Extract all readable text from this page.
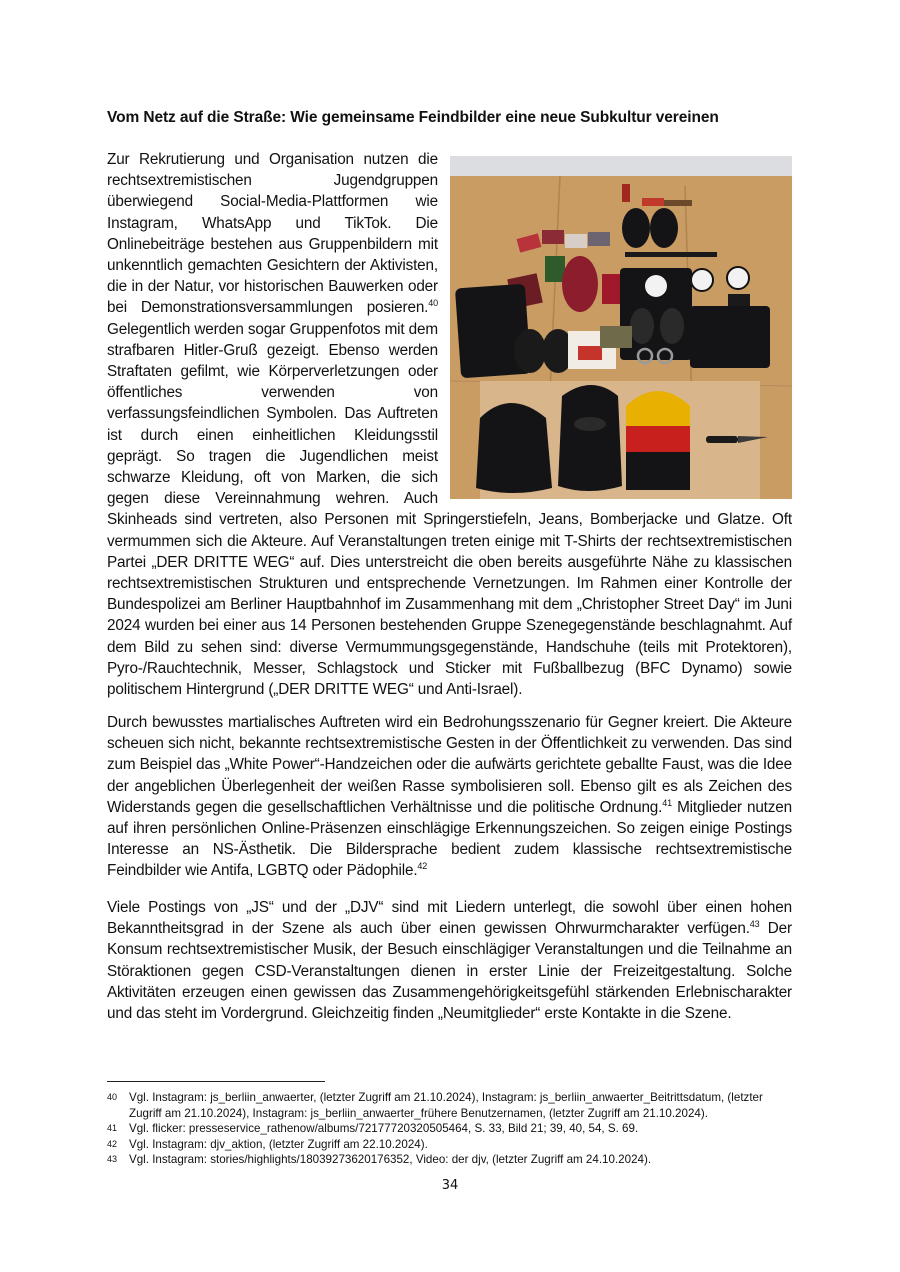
Vom Netz auf die Straße: Wie gemeinsame Feindbilder eine neue Subkultur vereinen
Zur Rekrutierung und Organisation nutzen die rechtsextremistischen Jugendgruppen überwiegend Social-Media-Plattformen wie Instagram, WhatsApp und TikTok. Die Onlinebeiträge bestehen aus Gruppenbildern mit unkenntlich gemachten Gesichtern der Aktivisten, die in der Natur, vor historischen Bauwerken oder bei Demonstrationsversammlungen posieren.$^{40}$ Gelegentlich werden sogar Gruppenfotos mit dem strafbaren Hitler-Gruß gezeigt. Ebenso werden Straftaten gefilmt, wie Körperverletzungen oder öffentliches verwenden von verfassungsfeindlichen Symbolen. Das Auftreten ist durch einen einheitlichen Kleidungsstil geprägt. So tragen die Jugendlichen meist schwarze Kleidung, oft von Marken, die sich gegen diese Vereinnahmung wehren. Auch Skinheads sind vertreten, also Personen mit Springerstiefeln, Jeans, Bomberjacke und Glatze. Oft vermummen sich die Akteure. Auf Veranstaltungen treten einige mit T-Shirts der rechtsextremistischen Partei „DER DRITTE WEG“ auf. Dies unterstreicht die oben bereits ausgeführte Nähe zu klassischen rechtsextremistischen Strukturen und entsprechende Vernetzungen. Im Rahmen einer Kontrolle der Bundespolizei am Berliner Hauptbahnhof im Zusammenhang mit dem „Christopher Street Day“ im Juni 2024 wurden bei einer aus 14 Personen bestehenden Gruppe Szenegegenstände beschlagnahmt. Auf dem Bild zu sehen sind: diverse Vermummungsgegenstände, Handschuhe (teils mit Protektoren), Pyro-/Rauchtechnik, Messer, Schlagstock und Sticker mit Fußballbezug (BFC Dynamo) sowie politischem Hintergrund („DER DRITTE WEG“ und Anti-Israel).
Durch bewusstes martialisches Auftreten wird ein Bedrohungsszenario für Gegner kreiert. Die Akteure scheuen sich nicht, bekannte rechtsextremistische Gesten in der Öffentlichkeit zu verwenden. Das sind zum Beispiel das „White Power“-Handzeichen oder die aufwärts gerichtete geballte Faust, was die Idee der angeblichen Überlegenheit der weißen Rasse symbolisieren soll. Ebenso gilt es als Zeichen des Widerstands gegen die gesellschaftlichen Verhältnisse und die politische Ordnung.$^{41}$ Mitglieder nutzen auf ihren persönlichen Online-Präsenzen einschlägige Erkennungszeichen. So zeigen einige Postings Interesse an NS-Ästhetik. Die Bildersprache bedient zudem klassische rechtsextremistische Feindbilder wie Antifa, LGBTQ oder Pädophile.$^{42}$
Viele Postings von „JS“ und der „DJV“ sind mit Liedern unterlegt, die sowohl über einen hohen Bekanntheitsgrad in der Szene als auch über einen gewissen Ohrwurmcharakter verfügen.$^{43}$ Der Konsum rechtsextremistischer Musik, der Besuch einschlägiger Veranstaltungen und die Teilnahme an Störaktionen gegen CSD-Veranstaltungen dienen in erster Linie der Freizeitgestaltung. Solche Aktivitäten erzeugen einen gewissen das Zusammengehörigkeitsgefühl stärkenden Erlebnischarakter und das steht im Vordergrund. Gleichzeitig finden „Neumitglieder“ erste Kontakte in die Szene.
40	Vgl. Instagram: js_berliin_anwaerter, (letzter Zugriff am 21.10.2024), Instagram: js_berliin_anwaerter_Beitrittsdatum, (letzter Zugriff am 21.10.2024), Instagram: js_berliin_anwaerter_frühere Benutzernamen, (letzter Zugriff am 21.10.2024).
41	Vgl. flicker: presseservice_rathenow/albums/72177720320505464, S. 33, Bild 21; 39, 40, 54, S. 69.
42	Vgl. Instagram: djv_aktion, (letzter Zugriff am 22.10.2024).
43	Vgl. Instagram: stories/highlights/18039273620176352, Video: der djv, (letzter Zugriff am 24.10.2024).
34
